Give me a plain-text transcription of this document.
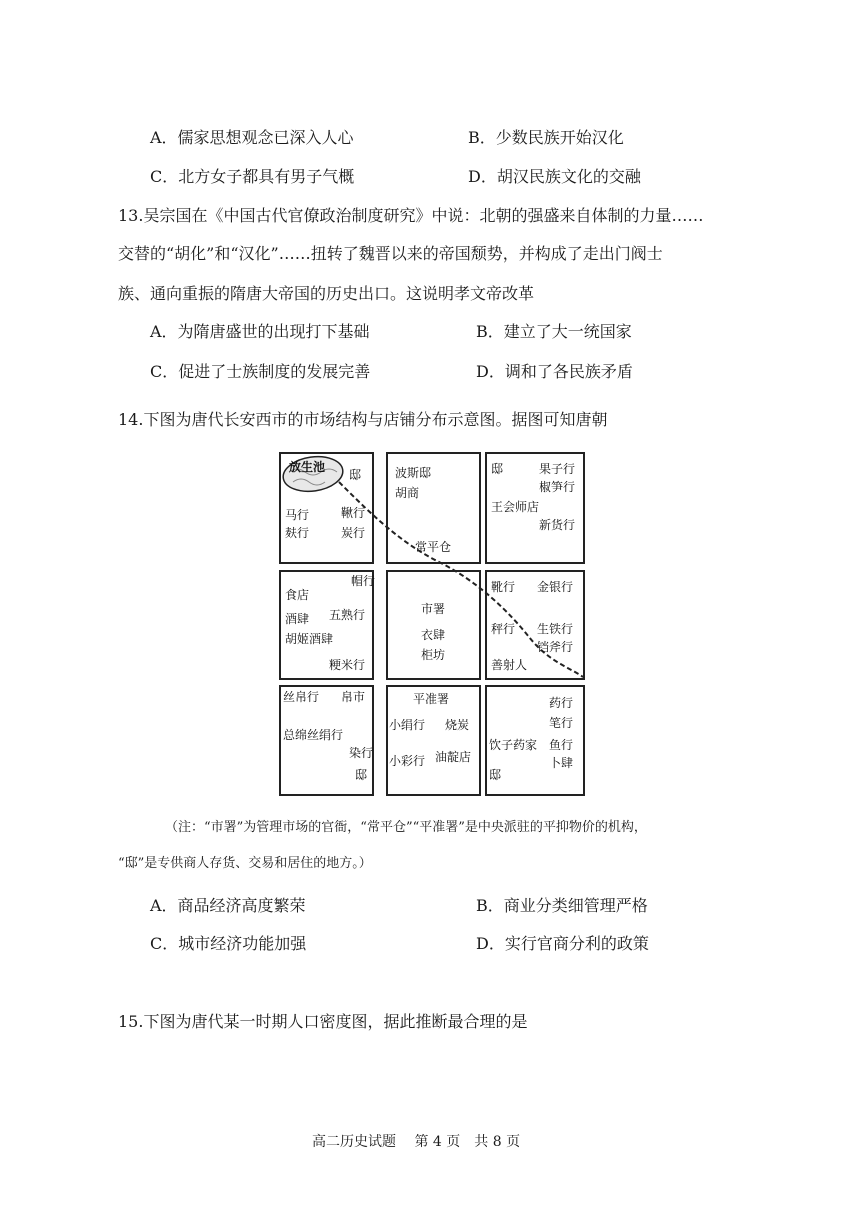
A．儒家思想观念已深入人心	B．少数民族开始汉化
C．北方女子都具有男子气概	D．胡汉民族文化的交融
13.吴宗国在《中国古代官僚政治制度研究》中说：北朝的强盛来自体制的力量……
交替的“胡化”和“汉化”……扭转了魏晋以来的帝国颓势，并构成了走出门阀士
族、通向重振的隋唐大帝国的历史出口。这说明孝文帝改革
A．为隋唐盛世的出现打下基础	B．建立了大一统国家
C．促进了士族制度的发展完善	D．调和了各民族矛盾
14.下图为唐代长安西市的市场结构与店铺分布示意图。据图可知唐朝
放生池
邸
马行
麸行
鞦行
炭行
波斯邸
胡商
常平仓
邸	果子行
椒笋行
王会师店
新货行
帽行
食店
酒肆 五熟行
胡姬酒肆
粳米行
市署
衣肆
柜坊
靴行 金银行
秤行 生铁行
铛斧行
善射人
丝帛行 帛市
总绵丝绢行
染行
邸
平准署
小绢行 烧炭
小彩行 油靛店
药行
笔行
饮子药家 鱼行
卜肆
邸
（注：“市署”为管理市场的官衙，“常平仓”“平准署”是中央派驻的平抑物价的机构，
“邸”是专供商人存货、交易和居住的地方。）
A．商品经济高度繁荣	B．商业分类细管理严格
C．城市经济功能加强	D．实行官商分利的政策
15.下图为唐代某一时期人口密度图，据此推断最合理的是
高二历史试题　 第 4 页　共 8 页
